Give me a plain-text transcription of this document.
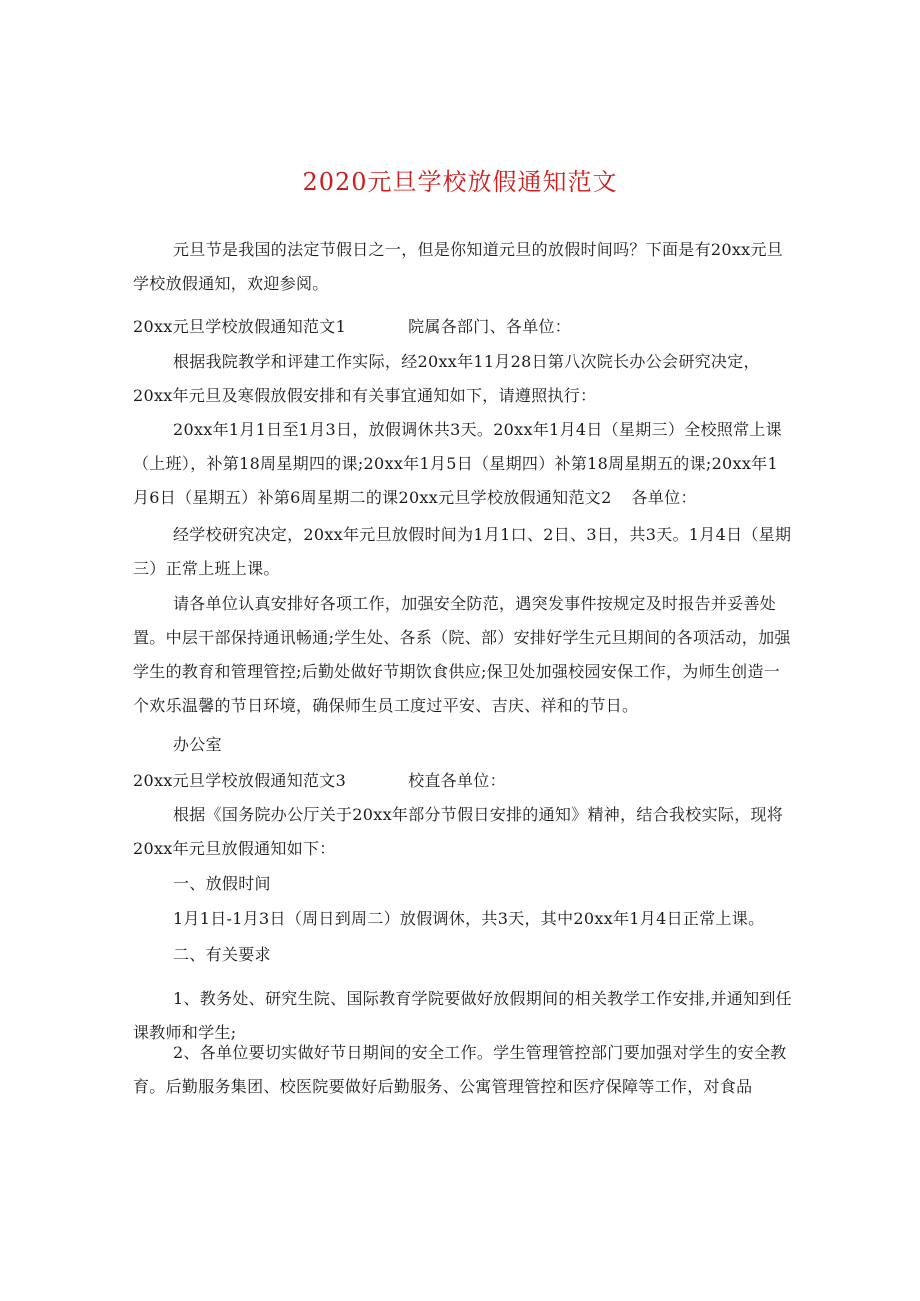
2020元旦学校放假通知范文

元旦节是我国的法定节假日之一，但是你知道元旦的放假时间吗？下面是有20xx元旦学校放假通知，欢迎参阅。

20xx元旦学校放假通知范文1	院属各部门、各单位：

根据我院教学和评建工作实际，经20xx年11月28日第八次院长办公会研究决定，20xx年元旦及寒假放假安排和有关事宜通知如下，请遵照执行：

20xx年1月1日至1月3日，放假调休共3天。20xx年1月4日（星期三）全校照常上课（上班），补第18周星期四的课;20xx年1月5日（星期四）补第18周星期五的课;20xx年1月6日（星期五）补第6周星期二的课20xx元旦学校放假通知范文2 各单位：

经学校研究决定，20xx年元旦放假时间为1月1口、2日、3日，共3天。1月4日（星期三）正常上班上课。

请各单位认真安排好各项工作，加强安全防范，遇突发事件按规定及时报告并妥善处置。中层干部保持通讯畅通;学生处、各系（院、部）安排好学生元旦期间的各项活动，加强学生的教育和管理管控;后勤处做好节期饮食供应;保卫处加强校园安保工作，为师生创造一个欢乐温馨的节日环境，确保师生员工度过平安、吉庆、祥和的节日。

办公室

20xx元旦学校放假通知范文3	校直各单位：

根据《国务院办公厅关于20xx年部分节假日安排的通知》精神，结合我校实际，现将20xx年元旦放假通知如下：

一、放假时间

1月1日-1月3日（周日到周二）放假调休，共3天，其中20xx年1月4日正常上课。

二、有关要求

1、教务处、研究生院、国际教育学院要做好放假期间的相关教学工作安排,并通知到任课教师和学生;

2、各单位要切实做好节日期间的安全工作。学生管理管控部门要加强对学生的安全教育。后勤服务集团、校医院要做好后勤服务、公寓管理管控和医疗保障等工作，对食品
